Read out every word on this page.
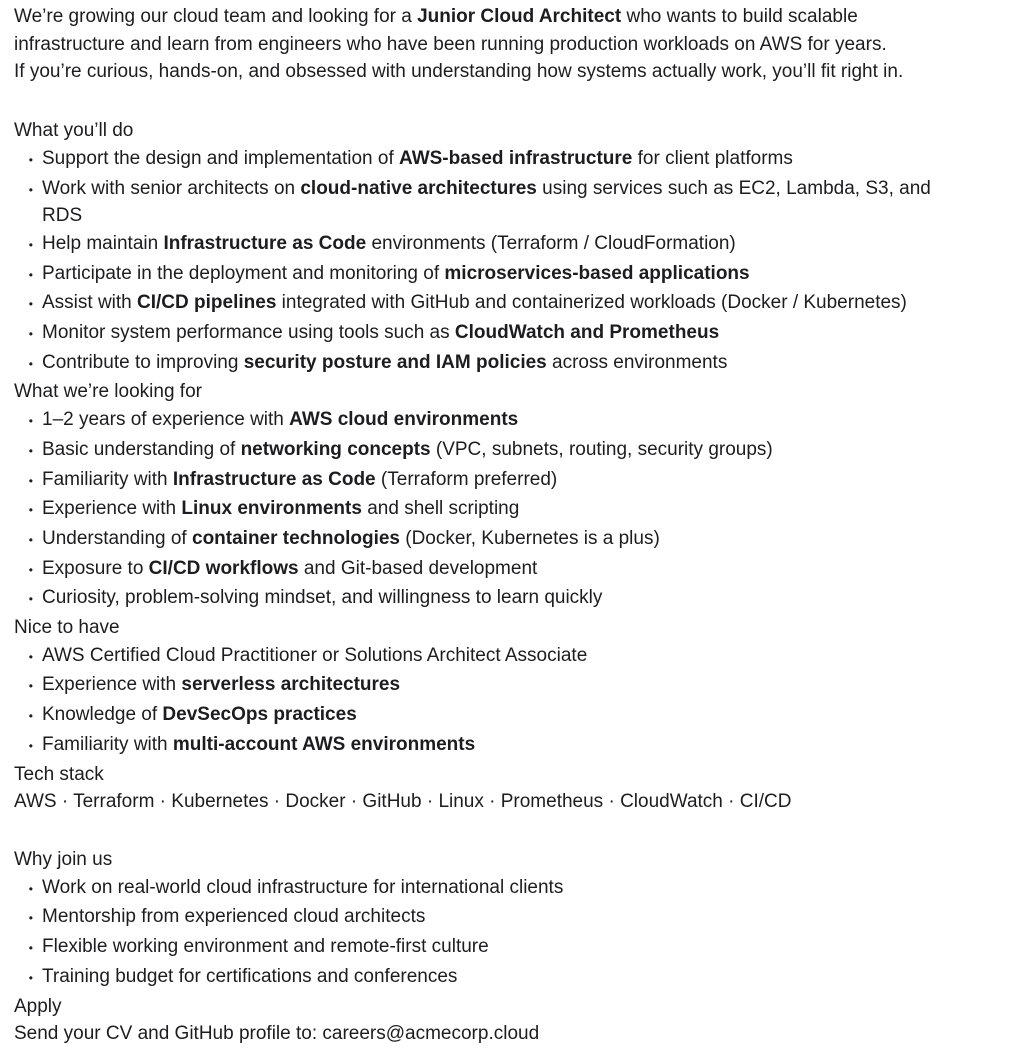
We’re growing our cloud team and looking for a Junior Cloud Architect who wants to build scalable
infrastructure and learn from engineers who have been running production workloads on AWS for years.
If you’re curious, hands-on, and obsessed with understanding how systems actually work, you’ll fit right in.

What you’ll do
• Support the design and implementation of AWS-based infrastructure for client platforms
• Work with senior architects on cloud-native architectures using services such as EC2, Lambda, S3, and
RDS
• Help maintain Infrastructure as Code environments (Terraform / CloudFormation)
• Participate in the deployment and monitoring of microservices-based applications
• Assist with CI/CD pipelines integrated with GitHub and containerized workloads (Docker / Kubernetes)
• Monitor system performance using tools such as CloudWatch and Prometheus
• Contribute to improving security posture and IAM policies across environments
What we’re looking for
• 1–2 years of experience with AWS cloud environments
• Basic understanding of networking concepts (VPC, subnets, routing, security groups)
• Familiarity with Infrastructure as Code (Terraform preferred)
• Experience with Linux environments and shell scripting
• Understanding of container technologies (Docker, Kubernetes is a plus)
• Exposure to CI/CD workflows and Git-based development
• Curiosity, problem-solving mindset, and willingness to learn quickly
Nice to have
• AWS Certified Cloud Practitioner or Solutions Architect Associate
• Experience with serverless architectures
• Knowledge of DevSecOps practices
• Familiarity with multi-account AWS environments
Tech stack

AWS · Terraform · Kubernetes · Docker · GitHub · Linux · Prometheus · CloudWatch · CI/CD

Why join us
• Work on real-world cloud infrastructure for international clients
• Mentorship from experienced cloud architects
• Flexible working environment and remote-first culture
• Training budget for certifications and conferences
Apply

Send your CV and GitHub profile to: careers@acmecorp.cloud
